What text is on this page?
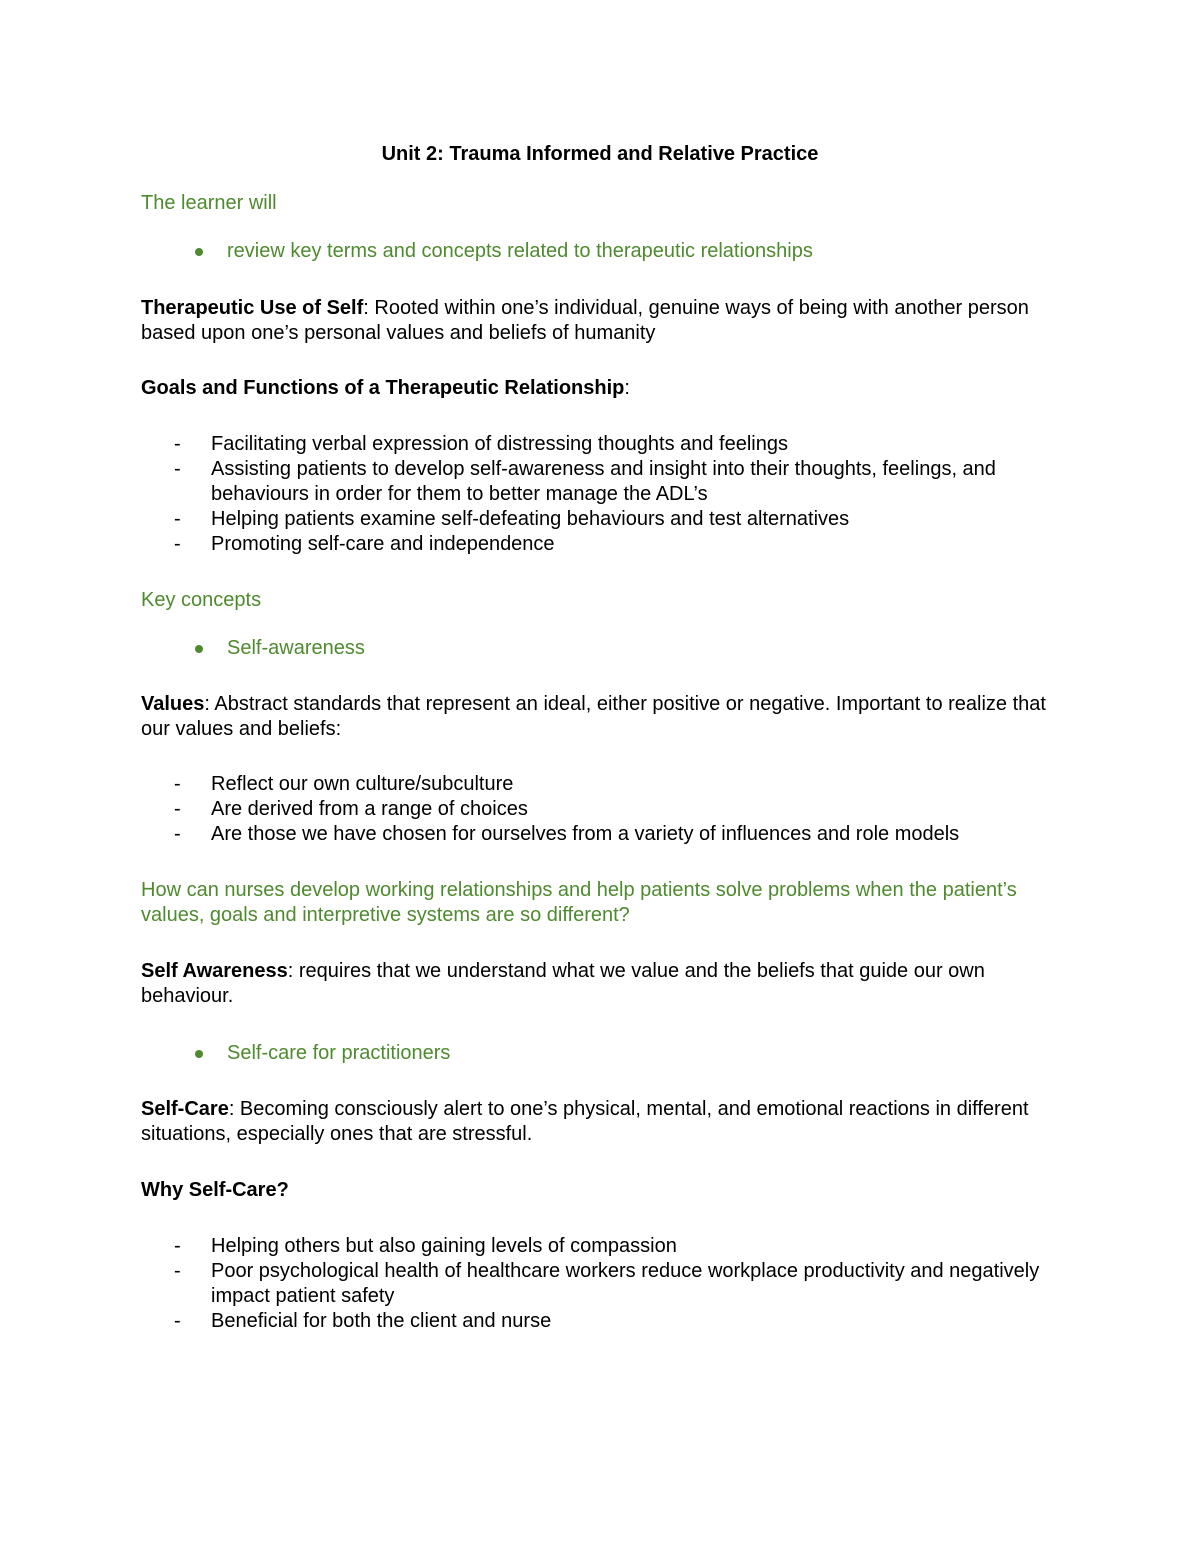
Unit 2: Trauma Informed and Relative Practice
The learner will
review key terms and concepts related to therapeutic relationships
Therapeutic Use of Self: Rooted within one’s individual, genuine ways of being with another person based upon one’s personal values and beliefs of humanity
Goals and Functions of a Therapeutic Relationship:
- Facilitating verbal expression of distressing thoughts and feelings
- Assisting patients to develop self-awareness and insight into their thoughts, feelings, and behaviours in order for them to better manage the ADL’s
- Helping patients examine self-defeating behaviours and test alternatives
- Promoting self-care and independence
Key concepts
Self-awareness
Values: Abstract standards that represent an ideal, either positive or negative. Important to realize that our values and beliefs:
- Reflect our own culture/subculture
- Are derived from a range of choices
- Are those we have chosen for ourselves from a variety of influences and role models
How can nurses develop working relationships and help patients solve problems when the patient’s values, goals and interpretive systems are so different?
Self Awareness: requires that we understand what we value and the beliefs that guide our own behaviour.
Self-care for practitioners
Self-Care: Becoming consciously alert to one’s physical, mental, and emotional reactions in different situations, especially ones that are stressful.
Why Self-Care?
- Helping others but also gaining levels of compassion
- Poor psychological health of healthcare workers reduce workplace productivity and negatively impact patient safety
- Beneficial for both the client and nurse
